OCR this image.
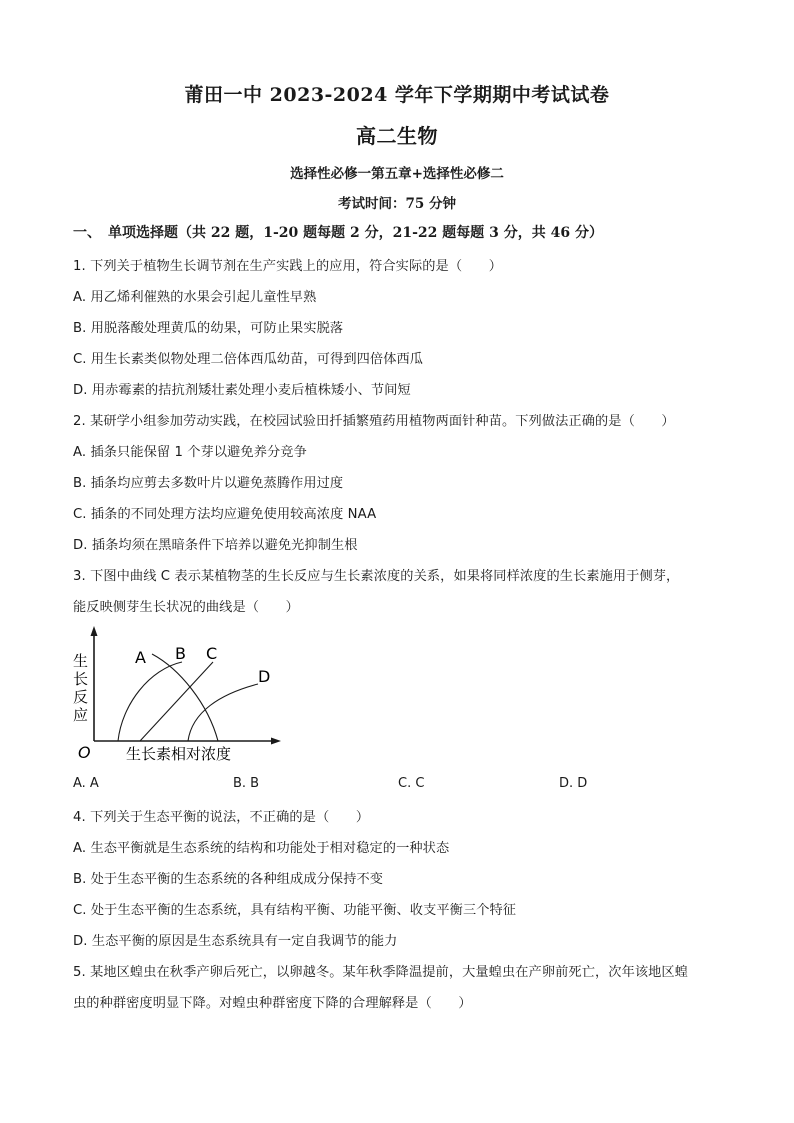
莆田一中 2023-2024 学年下学期期中考试试卷
高二生物
选择性必修一第五章+选择性必修二
考试时间：75 分钟
一、　单项选择题（共 22 题，1-20 题每题 2 分，21-22 题每题 3 分，共 46 分）
1. 下列关于植物生长调节剂在生产实践上的应用，符合实际的是（　　）
A. 用乙烯利催熟的水果会引起儿童性早熟
B. 用脱落酸处理黄瓜的幼果，可防止果实脱落
C. 用生长素类似物处理二倍体西瓜幼苗，可得到四倍体西瓜
D. 用赤霉素的拮抗剂矮壮素处理小麦后植株矮小、节间短
2. 某研学小组参加劳动实践，在校园试验田扦插繁殖药用植物两面针种苗。下列做法正确的是（　　）
A. 插条只能保留 1 个芽以避免养分竞争
B. 插条均应剪去多数叶片以避免蒸腾作用过度
C. 插条的不同处理方法均应避免使用较高浓度 NAA
D. 插条均须在黑暗条件下培养以避免光抑制生根
3. 下图中曲线 C 表示某植物茎的生长反应与生长素浓度的关系，如果将同样浓度的生长素施用于侧芽，
能反映侧芽生长状况的曲线是（　　）
生
长
反
应
O 生长素相对浓度
A B C
D
A. A	B. B	C. C	D. D
4. 下列关于生态平衡的说法，不正确的是（　　）
A. 生态平衡就是生态系统的结构和功能处于相对稳定的一种状态
B. 处于生态平衡的生态系统的各种组成成分保持不变
C. 处于生态平衡的生态系统，具有结构平衡、功能平衡、收支平衡三个特征
D. 生态平衡的原因是生态系统具有一定自我调节的能力
5. 某地区蝗虫在秋季产卵后死亡，以卵越冬。某年秋季降温提前，大量蝗虫在产卵前死亡，次年该地区蝗
虫的种群密度明显下降。对蝗虫种群密度下降的合理解释是（　　）
